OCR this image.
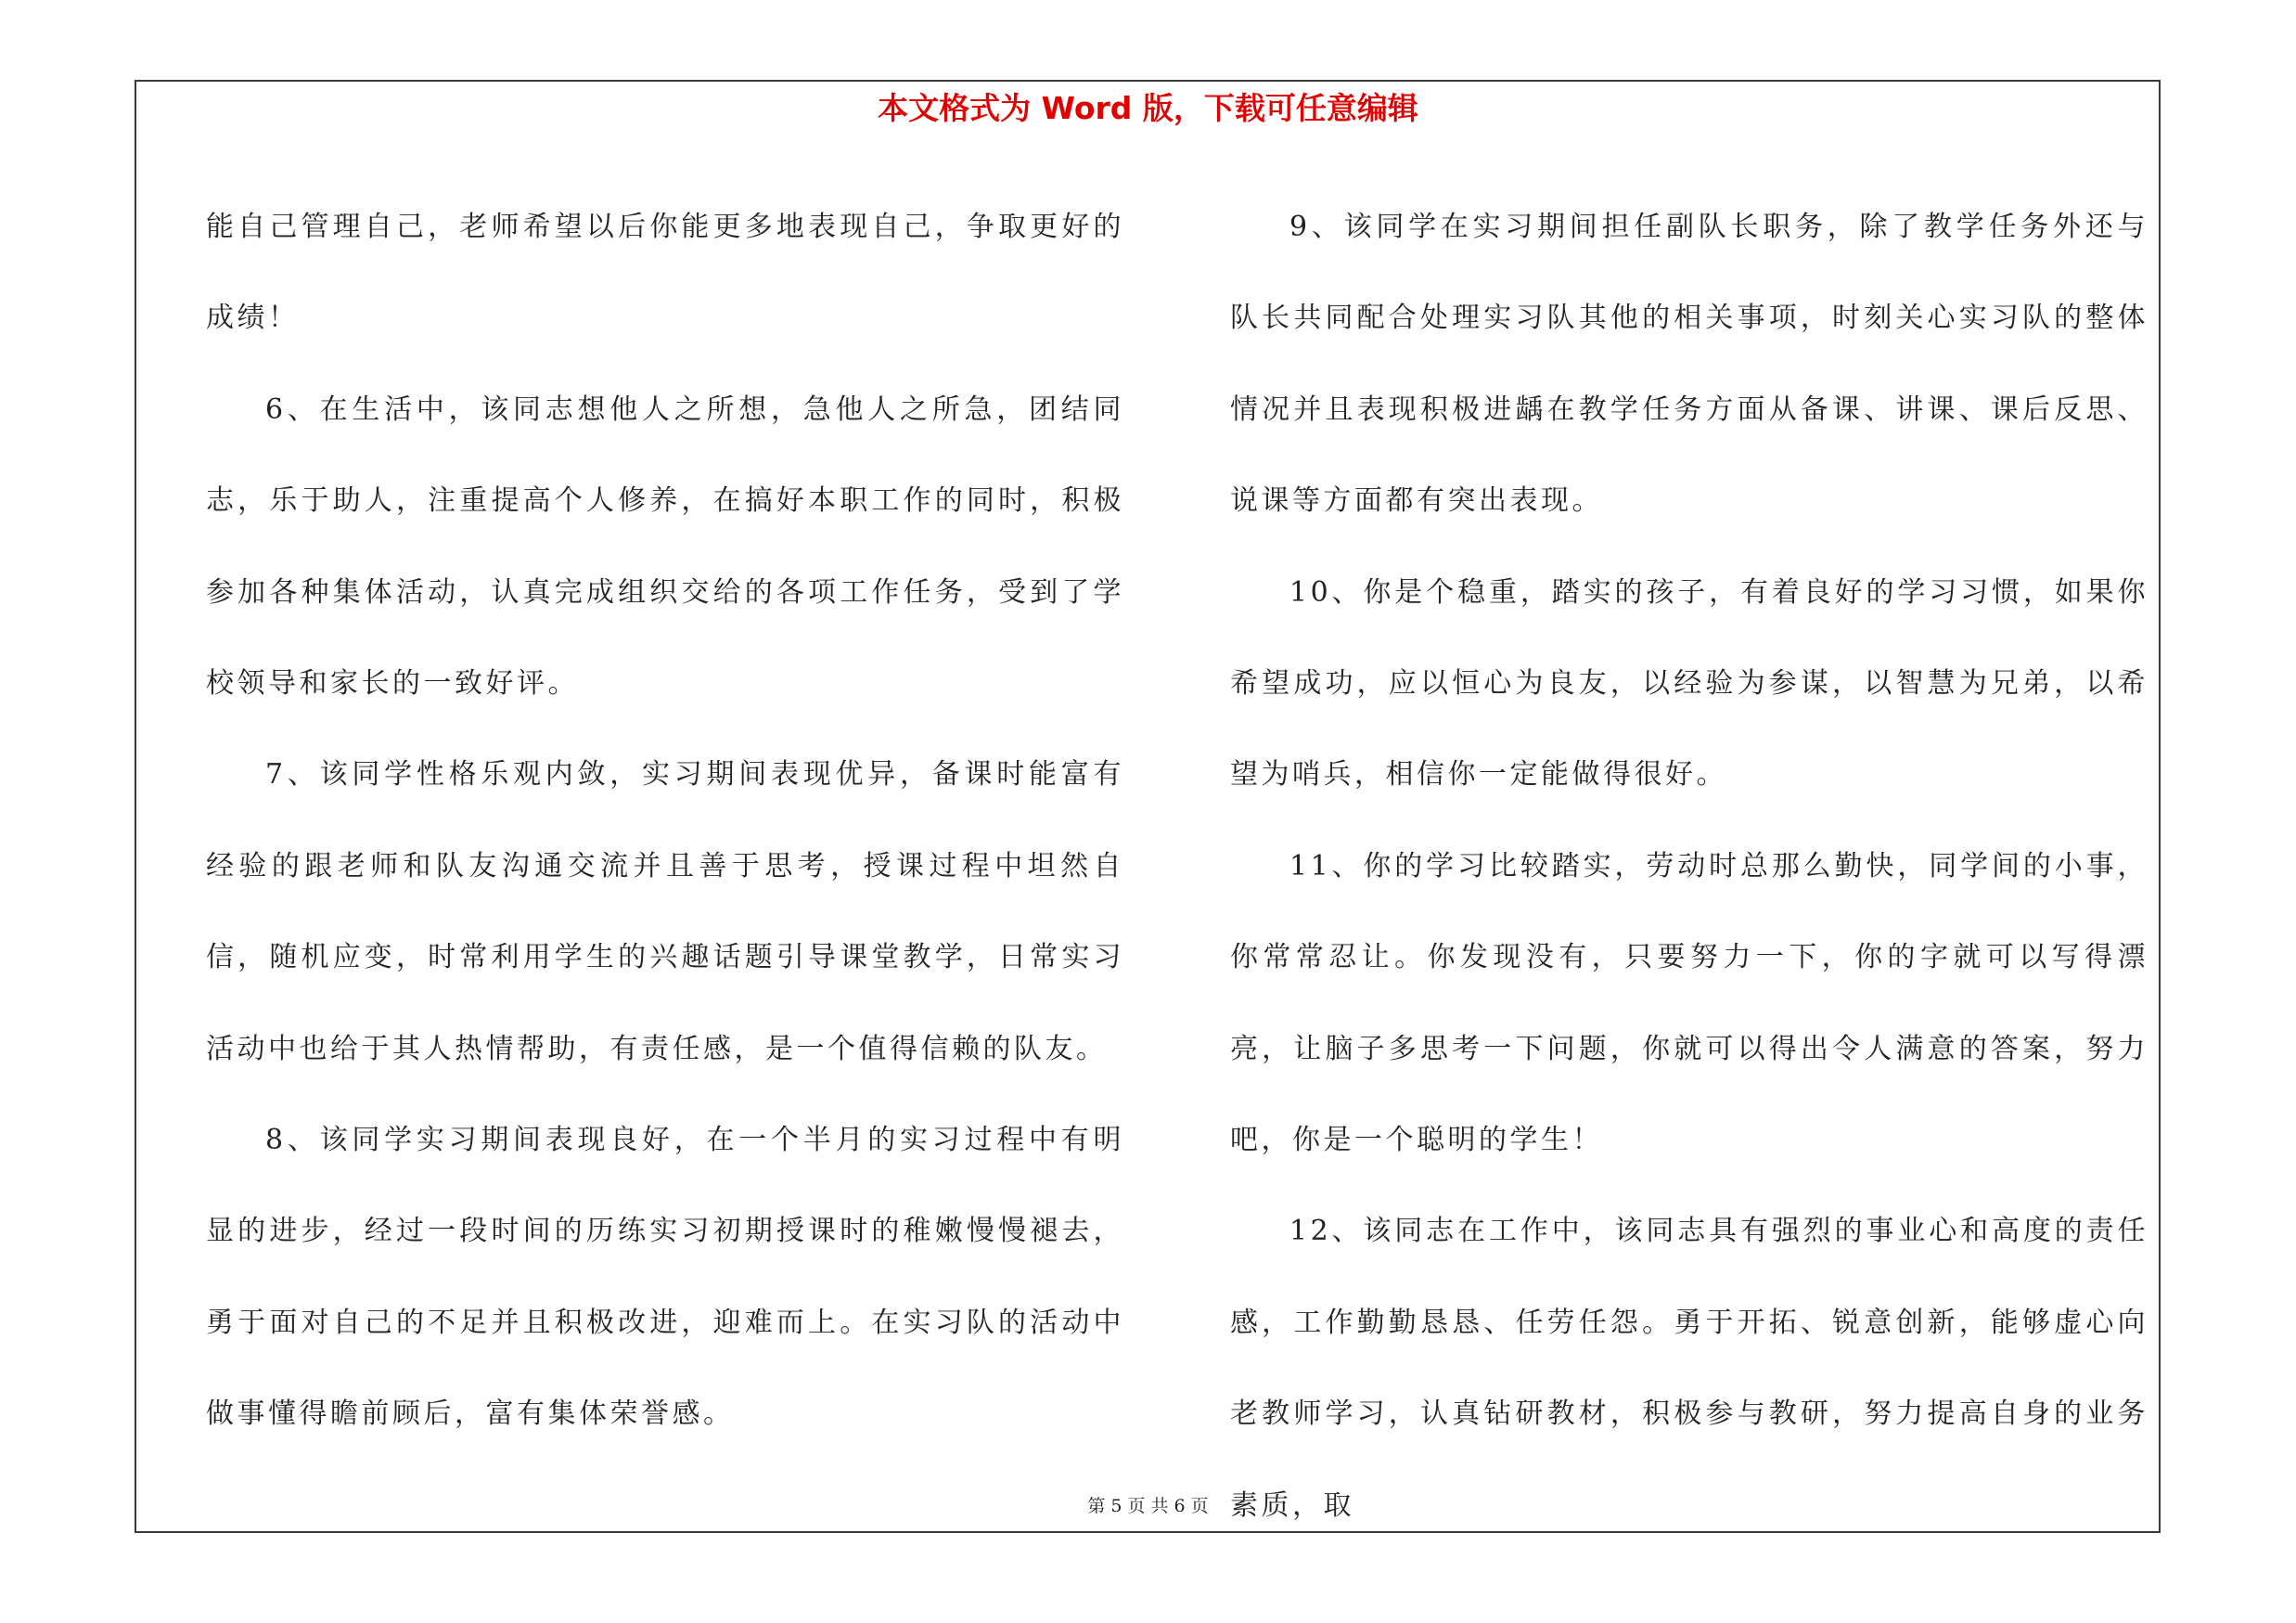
本文格式为 Word 版，下载可任意编辑

能自己管理自己，老师希望以后你能更多地表现自己，争取更好的成绩！

6、在生活中，该同志想他人之所想，急他人之所急，团结同志，乐于助人，注重提高个人修养，在搞好本职工作的同时，积极参加各种集体活动，认真完成组织交给的各项工作任务，受到了学校领导和家长的一致好评。

7、该同学性格乐观内敛，实习期间表现优异，备课时能富有经验的跟老师和队友沟通交流并且善于思考，授课过程中坦然自信，随机应变，时常利用学生的兴趣话题引导课堂教学，日常实习活动中也给于其人热情帮助，有责任感，是一个值得信赖的队友。

8、该同学实习期间表现良好，在一个半月的实习过程中有明显的进步，经过一段时间的历练实习初期授课时的稚嫩慢慢褪去，勇于面对自己的不足并且积极改进，迎难而上。在实习队的活动中做事懂得瞻前顾后，富有集体荣誉感。

9、该同学在实习期间担任副队长职务，除了教学任务外还与队长共同配合处理实习队其他的相关事项，时刻关心实习队的整体情况并且表现积极进龋在教学任务方面从备课、讲课、课后反思、说课等方面都有突出表现。

10、你是个稳重，踏实的孩子，有着良好的学习习惯，如果你希望成功，应以恒心为良友，以经验为参谋，以智慧为兄弟，以希望为哨兵，相信你一定能做得很好。

11、你的学习比较踏实，劳动时总那么勤快，同学间的小事，你常常忍让。你发现没有，只要努力一下，你的字就可以写得漂亮，让脑子多思考一下问题，你就可以得出令人满意的答案，努力吧，你是一个聪明的学生！

12、该同志在工作中，该同志具有强烈的事业心和高度的责任感，工作勤勤恳恳、任劳任怨。勇于开拓、锐意创新，能够虚心向老教师学习，认真钻研教材，积极参与教研，努力提高自身的业务素质，取

第 5 页 共 6 页
